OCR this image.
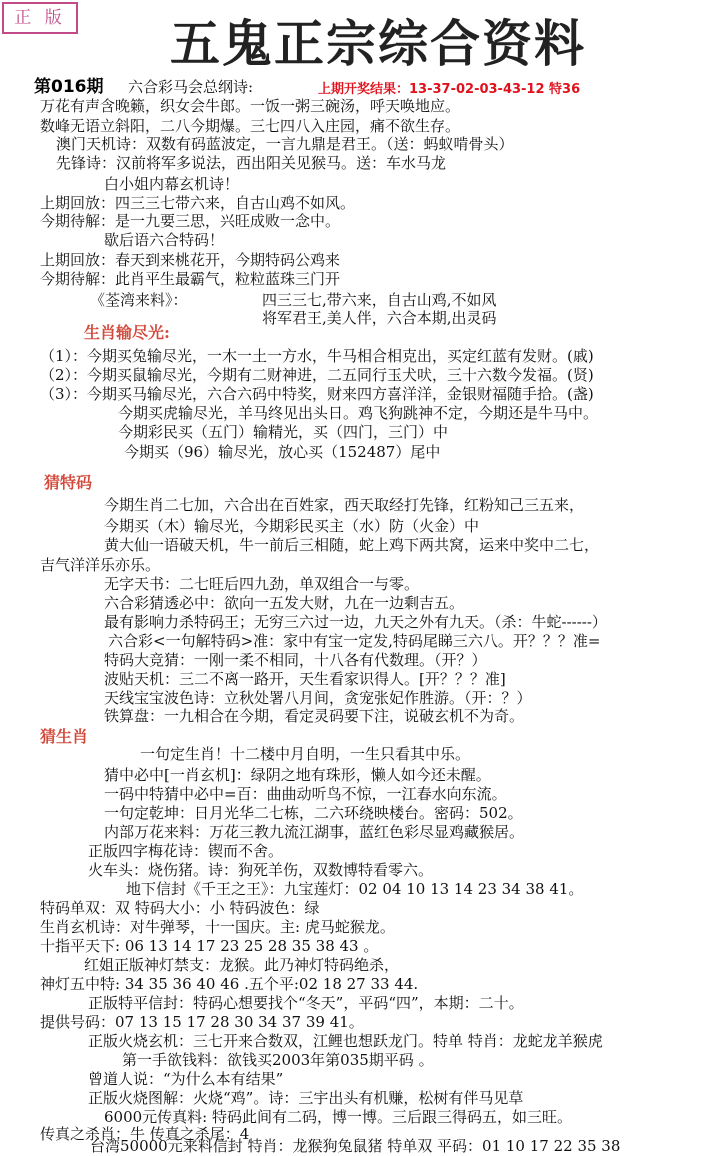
正 版 五鬼正宗综合资料
第016期 六合彩马会总纲诗:	上期开奖结果：13-37-02-03-43-12 特36
万花有声含晚籁，织女会牛郎。一饭一粥三碗汤，呼天唤地应。
数峰无语立斜阳，二八今期爆。三七四八入庄园，痛不欲生存。
澳门天机诗：双数有码蓝波定，一言九鼎是君王。（送：蚂蚁啃骨头）
先锋诗：汉前将军多说法，西出阳关见猴马。送：车水马龙
白小姐内幕玄机诗！
上期回放：四三三七带六来，自古山鸡不如风。
今期待解：是一九要三思，兴旺成败一念中。
歇后语六合特码！
上期回放：春天到来桃花开，今期特码公鸡来
今期待解：此肖平生最霸气，粒粒蓝珠三门开
《荃湾来料》：	四三三七,带六来，自古山鸡,不如风
将军君王,美人伴，六合本期,出灵码
生肖输尽光:
（1）：今期买兔输尽光，一木一土一方水，牛马相合相克出，买定红蓝有发财。(戚)
（2）：今期买鼠输尽光，今期有二财神进，二五同行玉犬吠，三十六数今发福。(贤)
（3）：今期买马输尽光，六合六码中特奖，财来四方喜洋洋，金银财福随手拾。(盏)
今期买虎输尽光，羊马终见出头日。鸡飞狗跳神不定，今期还是牛马中。
今期彩民买（五门）输精光，买（四门，三门）中
今期买（96）输尽光，放心买（152487）尾中
猜特码
今期生肖二七加，六合出在百姓家，西天取经打先锋，红粉知己三五来，
今期买（木）输尽光，今期彩民买主（水）防（火金）中
黄大仙一语破天机，牛一前后三相随，蛇上鸡下两共窝，运来中奖中二七，
吉气洋洋乐亦乐。
无字天书：二七旺后四九劲，单双组合一与零。
六合彩猜透必中：欲向一五发大财，九在一边剩吉五。
最有影响力杀特码王；无穷三六过一边，九天之外有九天。（杀：牛蛇------）
六合彩<一句解特码>准：家中有宝一定发,特码尾睇三六八。开？？？准=
特码大竞猜：一刚一柔不相同，十八各有代数理。（开？）
波贴天机：三二不离一路开，天生看家识得人。[开？？？准]
天线宝宝波色诗：立秋处署八月间，贪宠张妃作胜游。（开：？）
铁算盘：一九相合在今期，看定灵码要下注，说破玄机不为奇。
猜生肖
一句定生肖！十二楼中月自明，一生只看其中乐。
猜中必中[一肖玄机]：绿阴之地有珠形，懒人如今还未醒。
一码中特猜中必中=百：曲曲动听鸟不惊，一江春水向东流。
一句定乾坤：日月光华二七栋，二六环绕映楼台。密码：502。
内部万花来料：万花三教九流江湖事，蓝红色彩尽显鸡藏猴居。
正版四字梅花诗：锲而不舍。
火车头：烧伤猪。诗：狗死羊伤，双数博特看零六。
地下信封《千王之王》：九宝莲灯：02 04 10 13 14 23 34 38 41。
特码单双：双 特码大小：小 特码波色：绿
生肖玄机诗：对牛弹琴，十一国庆。主: 虎马蛇猴龙。
十指平天下: 06 13 14 17 23 25 28 35 38 43 。
红姐正版神灯禁支：龙猴。此乃神灯特码绝杀，
神灯五中特: 34 35 36 40 46 .五个平:02 18 27 33 44.
正版特平信封：特码心想要找个“冬天”，平码“四”，本期：二十。
提供号码：07 13 15 17 28 30 34 37 39 41。
正版火烧玄机：三七开来合数双，江鲤也想跃龙门。特单 特肖：龙蛇龙羊猴虎
第一手欲钱料：欲钱买2003年第035期平码 。
曾道人说：“为什么本有结果”
正版火烧图解：火烧“鸡”。诗：三宇出头有机赚，松树有伴马见草
6000元传真料: 特码此间有二码，博一博。三后跟三得码五，如三旺。
传真之杀肖：牛 传真之杀尾：4
台湾50000元来料信封 特肖：龙猴狗兔鼠猪 特单双 平码：01 10 17 22 35 38
